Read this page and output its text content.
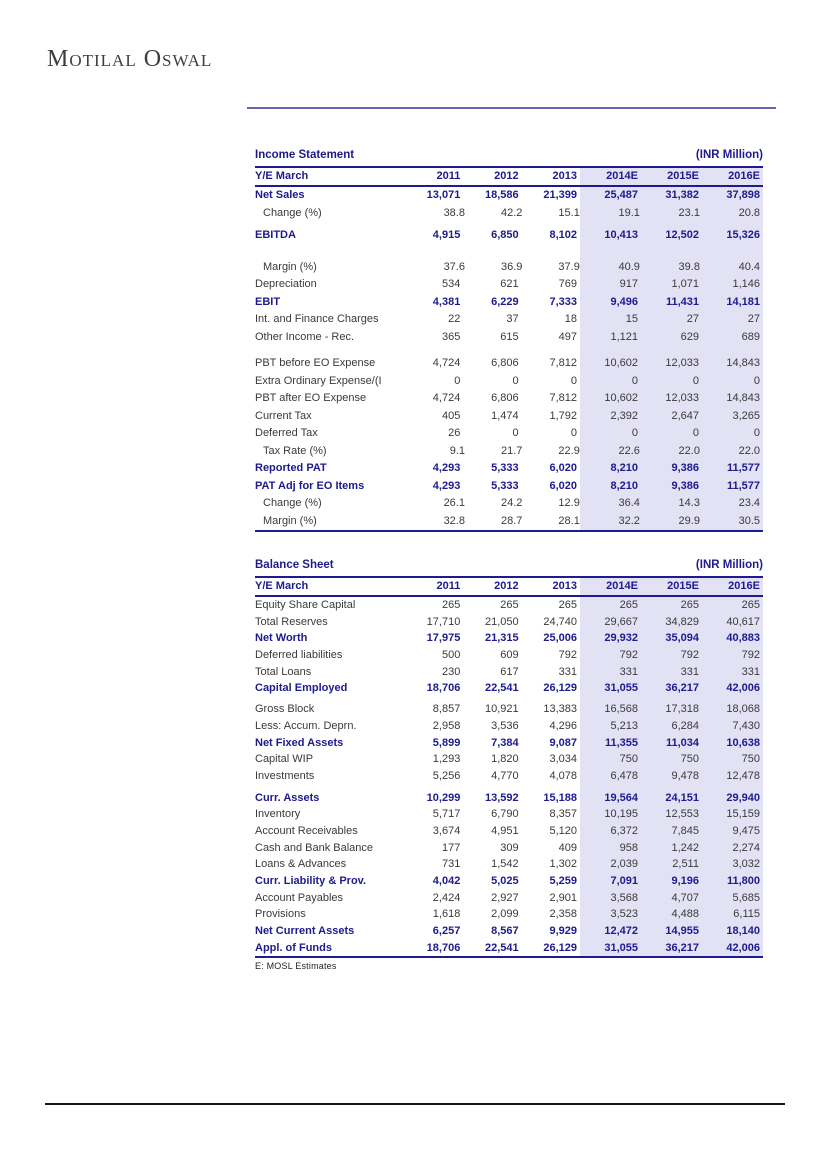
Motilal Oswal
Income Statement	(INR Million)
Y/E March	2011	2012	2013	2014E	2015E	2016E
Net Sales	13,071	18,586	21,399	25,487	31,382	37,898
Change (%)	38.8	42.2	15.1	19.1	23.1	20.8
EBITDA	4,915	6,850	8,102	10,413	12,502	15,326
Margin (%)	37.6	36.9	37.9	40.9	39.8	40.4
Depreciation	534	621	769	917	1,071	1,146
EBIT	4,381	6,229	7,333	9,496	11,431	14,181
Int. and Finance Charges	22	37	18	15	27	27
Other Income - Rec.	365	615	497	1,121	629	689
PBT before EO Expense	4,724	6,806	7,812	10,602	12,033	14,843
Extra Ordinary Expense/(I	0	0	0	0	0	0
PBT after EO Expense	4,724	6,806	7,812	10,602	12,033	14,843
Current Tax	405	1,474	1,792	2,392	2,647	3,265
Deferred Tax	26	0	0	0	0	0
Tax Rate (%)	9.1	21.7	22.9	22.6	22.0	22.0
Reported PAT	4,293	5,333	6,020	8,210	9,386	11,577
PAT Adj for EO Items	4,293	5,333	6,020	8,210	9,386	11,577
Change (%)	26.1	24.2	12.9	36.4	14.3	23.4
Margin (%)	32.8	28.7	28.1	32.2	29.9	30.5
Balance Sheet	(INR Million)
Y/E March	2011	2012	2013	2014E	2015E	2016E
Equity Share Capital	265	265	265	265	265	265
Total Reserves	17,710	21,050	24,740	29,667	34,829	40,617
Net Worth	17,975	21,315	25,006	29,932	35,094	40,883
Deferred liabilities	500	609	792	792	792	792
Total Loans	230	617	331	331	331	331
Capital Employed	18,706	22,541	26,129	31,055	36,217	42,006
Gross Block	8,857	10,921	13,383	16,568	17,318	18,068
Less: Accum. Deprn.	2,958	3,536	4,296	5,213	6,284	7,430
Net Fixed Assets	5,899	7,384	9,087	11,355	11,034	10,638
Capital WIP	1,293	1,820	3,034	750	750	750
Investments	5,256	4,770	4,078	6,478	9,478	12,478
Curr. Assets	10,299	13,592	15,188	19,564	24,151	29,940
Inventory	5,717	6,790	8,357	10,195	12,553	15,159
Account Receivables	3,674	4,951	5,120	6,372	7,845	9,475
Cash and Bank Balance	177	309	409	958	1,242	2,274
Loans & Advances	731	1,542	1,302	2,039	2,511	3,032
Curr. Liability & Prov.	4,042	5,025	5,259	7,091	9,196	11,800
Account Payables	2,424	2,927	2,901	3,568	4,707	5,685
Provisions	1,618	2,099	2,358	3,523	4,488	6,115
Net Current Assets	6,257	8,567	9,929	12,472	14,955	18,140
Appl. of Funds	18,706	22,541	26,129	31,055	36,217	42,006
E: MOSL Estimates
